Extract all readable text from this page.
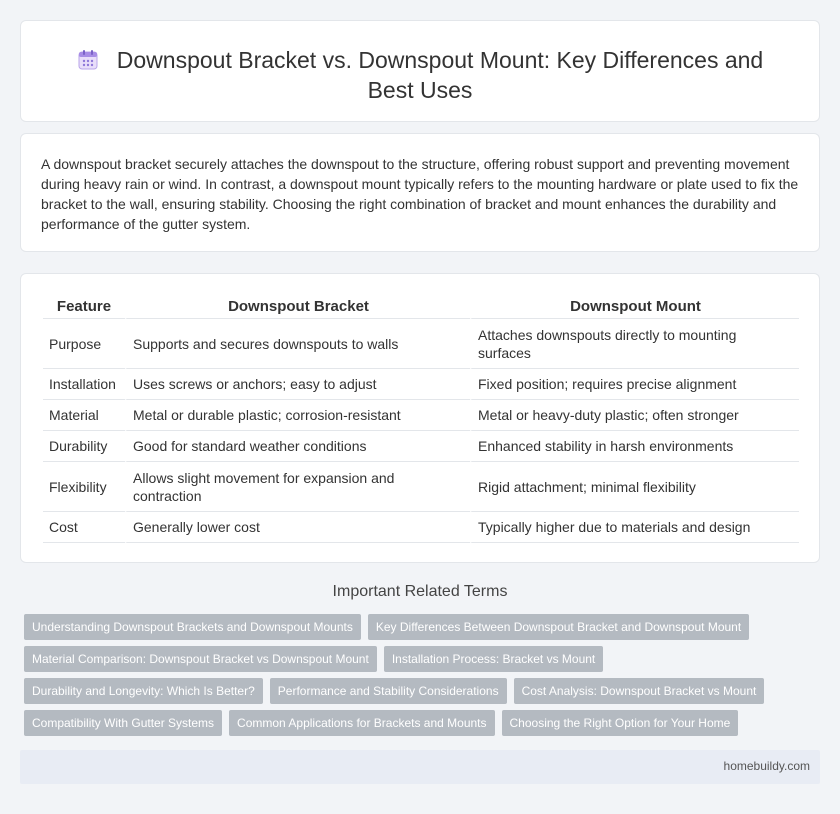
Downspout Bracket vs. Downspout Mount: Key Differences and Best Uses

A downspout bracket securely attaches the downspout to the structure, offering robust support and preventing movement during heavy rain or wind. In contrast, a downspout mount typically refers to the mounting hardware or plate used to fix the bracket to the wall, ensuring stability. Choosing the right combination of bracket and mount enhances the durability and performance of the gutter system.

Feature	Downspout Bracket	Downspout Mount
Purpose	Supports and secures downspouts to walls	Attaches downspouts directly to mounting surfaces
Installation	Uses screws or anchors; easy to adjust	Fixed position; requires precise alignment
Material	Metal or durable plastic; corrosion-resistant	Metal or heavy-duty plastic; often stronger
Durability	Good for standard weather conditions	Enhanced stability in harsh environments
Flexibility	Allows slight movement for expansion and contraction	Rigid attachment; minimal flexibility
Cost	Generally lower cost	Typically higher due to materials and design
Important Related Terms
Understanding Downspout Brackets and Downspout Mounts	Key Differences Between Downspout Bracket and Downspout Mount
Material Comparison: Downspout Bracket vs Downspout Mount	Installation Process: Bracket vs Mount
Durability and Longevity: Which Is Better?	Performance and Stability Considerations	Cost Analysis: Downspout Bracket vs Mount
Compatibility With Gutter Systems	Common Applications for Brackets and Mounts	Choosing the Right Option for Your Home
homebuildy.com
